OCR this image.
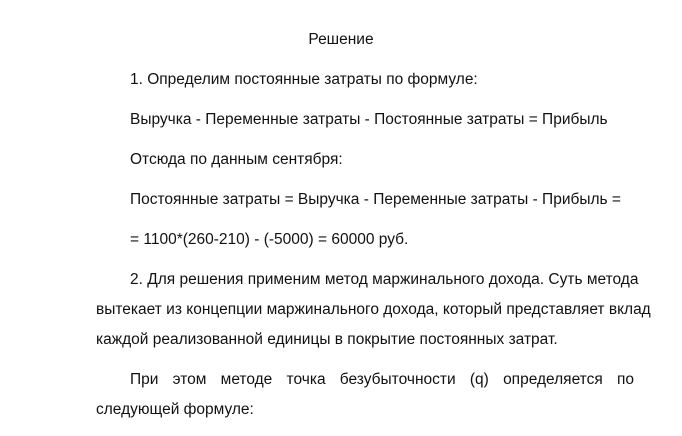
Решение
1. Определим постоянные затраты по формуле:
Выручка - Переменные затраты - Постоянные затраты = Прибыль
Отсюда по данным сентября:
Постоянные затраты = Выручка - Переменные затраты - Прибыль =
= 1100*(260-210) - (-5000) = 60000 руб.
2. Для решения применим метод маржинального дохода. Суть метода
вытекает из концепции маржинального дохода, который представляет вклад
каждой реализованной единицы в покрытие постоянных затрат.
При этом методе точка безубыточности (q) определяется по
следующей формуле:
